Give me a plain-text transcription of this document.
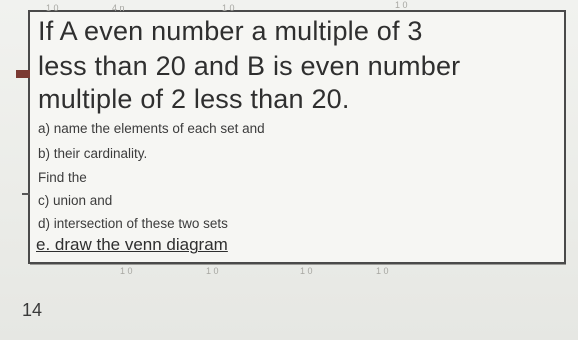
1 0	4 n	1 0	1 0
1 0	1 0	1 0	1 0
If A even number a multiple of 3
less than 20 and B is even number
multiple of 2 less than 20.
a) name the elements of each set and
b) their cardinality.
Find the
c) union and
d) intersection of these two sets
e. draw the venn diagram
14
